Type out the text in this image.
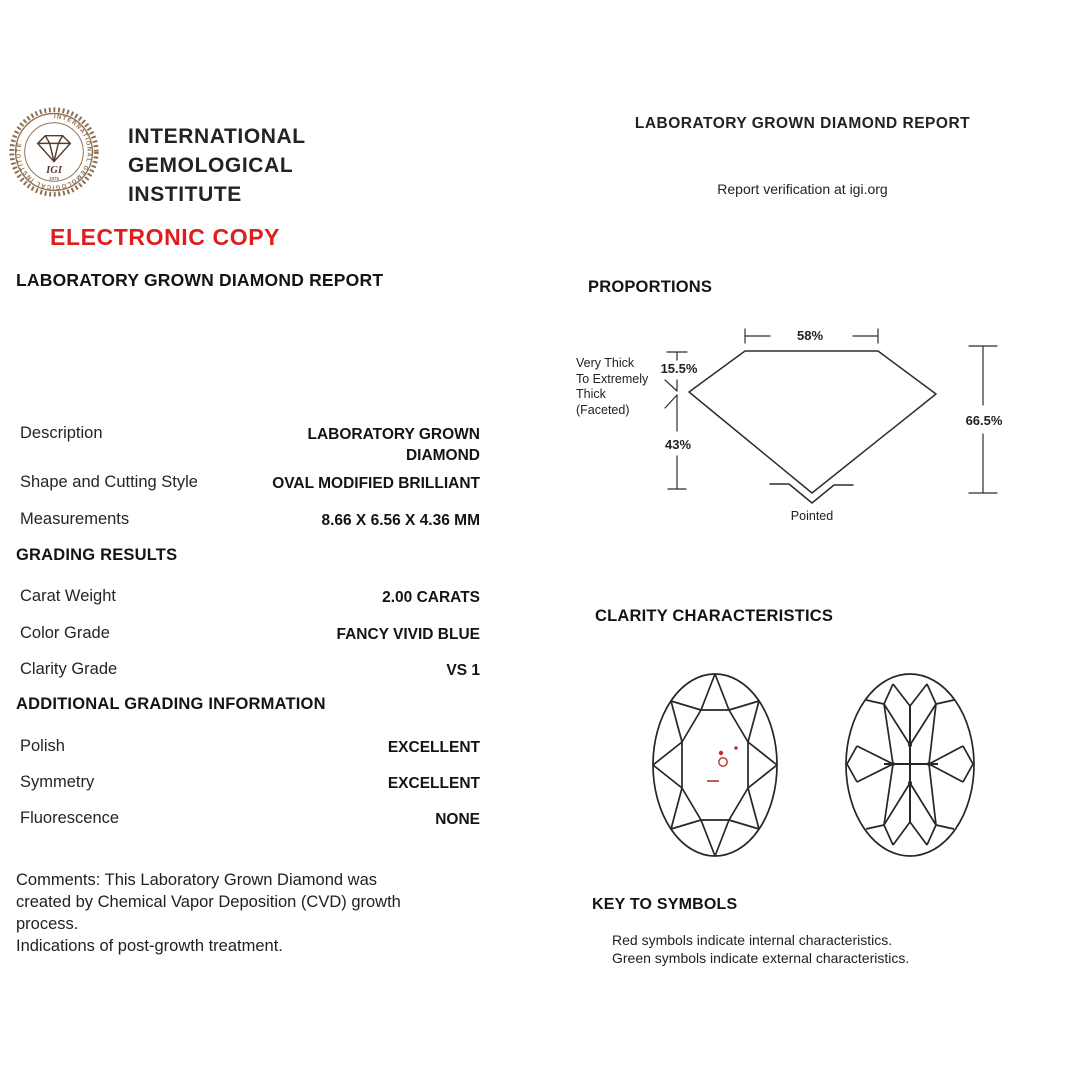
INTERNATIONAL GEMOLOGICAL INSTITUTE
IGI
1975
INTERNATIONAL
GEMOLOGICAL
INSTITUTE
ELECTRONIC COPY
LABORATORY GROWN DIAMOND REPORT
Description	LABORATORY GROWN DIAMOND
Shape and Cutting Style	OVAL MODIFIED BRILLIANT
Measurements	8.66 X 6.56 X 4.36 MM
GRADING RESULTS
Carat Weight	2.00 CARATS
Color Grade	FANCY VIVID BLUE
Clarity Grade	VS 1
ADDITIONAL GRADING INFORMATION
Polish	EXCELLENT
Symmetry	EXCELLENT
Fluorescence	NONE
Comments: This Laboratory Grown Diamond was
created by Chemical Vapor Deposition (CVD) growth
process.
Indications of post-growth treatment.
LABORATORY GROWN DIAMOND REPORT
Report verification at igi.org
PROPORTIONS
58%
15.5%
43%
66.5%
Very Thick
To Extremely
Thick
(Faceted)
Pointed
CLARITY CHARACTERISTICS
KEY TO SYMBOLS
Red symbols indicate internal characteristics.
Green symbols indicate external characteristics.
